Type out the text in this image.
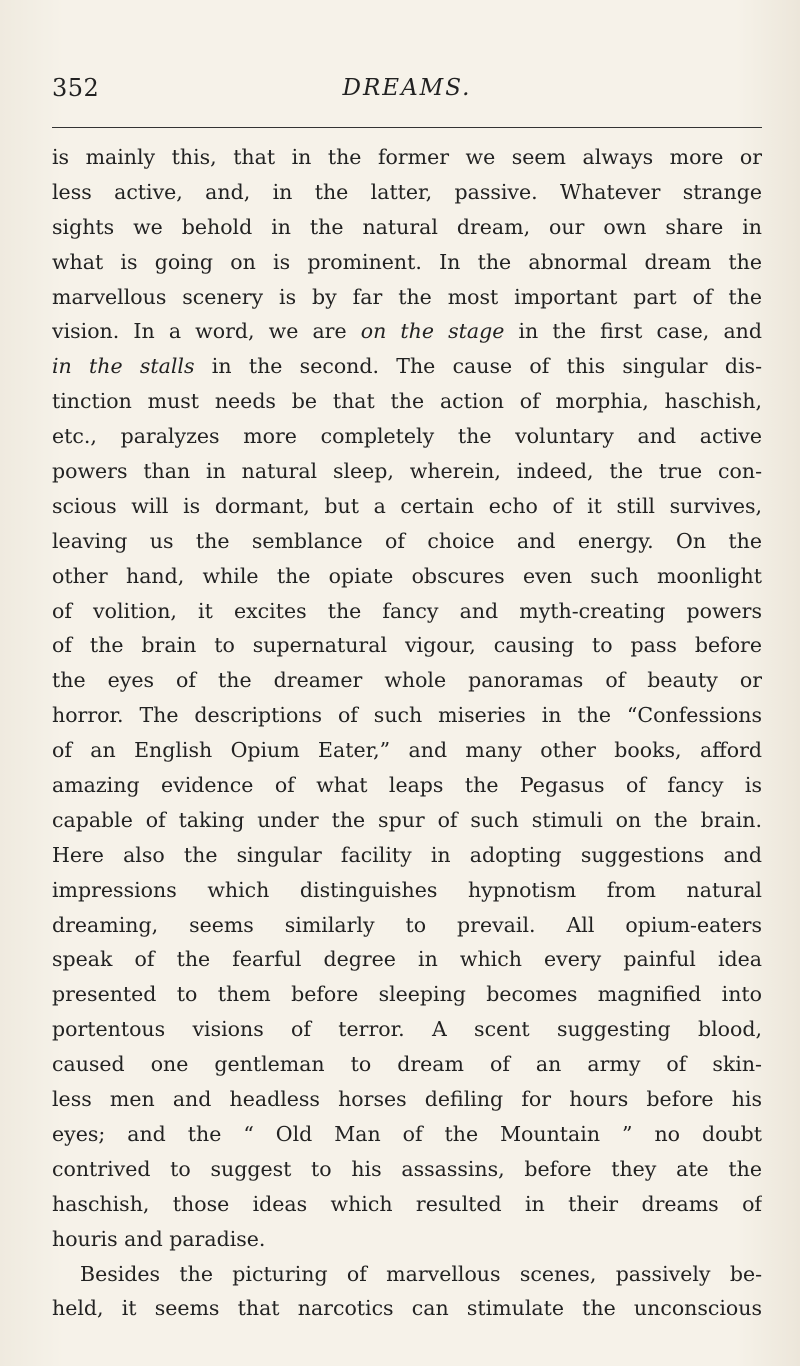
352	DREAMS.
is mainly this, that in the former we seem always more or
less active, and, in the latter, passive. Whatever strange
sights we behold in the natural dream, our own share in
what is going on is prominent. In the abnormal dream the
marvellous scenery is by far the most important part of the
vision. In a word, we are on the stage in the first case, and
in the stalls in the second. The cause of this singular dis-
tinction must needs be that the action of morphia, haschish,
etc., paralyzes more completely the voluntary and active
powers than in natural sleep, wherein, indeed, the true con-
scious will is dormant, but a certain echo of it still survives,
leaving us the semblance of choice and energy. On the
other hand, while the opiate obscures even such moonlight
of volition, it excites the fancy and myth-creating powers
of the brain to supernatural vigour, causing to pass before
the eyes of the dreamer whole panoramas of beauty or
horror. The descriptions of such miseries in the “Confessions
of an English Opium Eater,” and many other books, afford
amazing evidence of what leaps the Pegasus of fancy is
capable of taking under the spur of such stimuli on the brain.
Here also the singular facility in adopting suggestions and
impressions which distinguishes hypnotism from natural
dreaming, seems similarly to prevail. All opium-eaters
speak of the fearful degree in which every painful idea
presented to them before sleeping becomes magnified into
portentous visions of terror. A scent suggesting blood,
caused one gentleman to dream of an army of skin-
less men and headless horses defiling for hours before his
eyes; and the “ Old Man of the Mountain ” no doubt
contrived to suggest to his assassins, before they ate the
haschish, those ideas which resulted in their dreams of
houris and paradise.
Besides the picturing of marvellous scenes, passively be-
held, it seems that narcotics can stimulate the unconscious
